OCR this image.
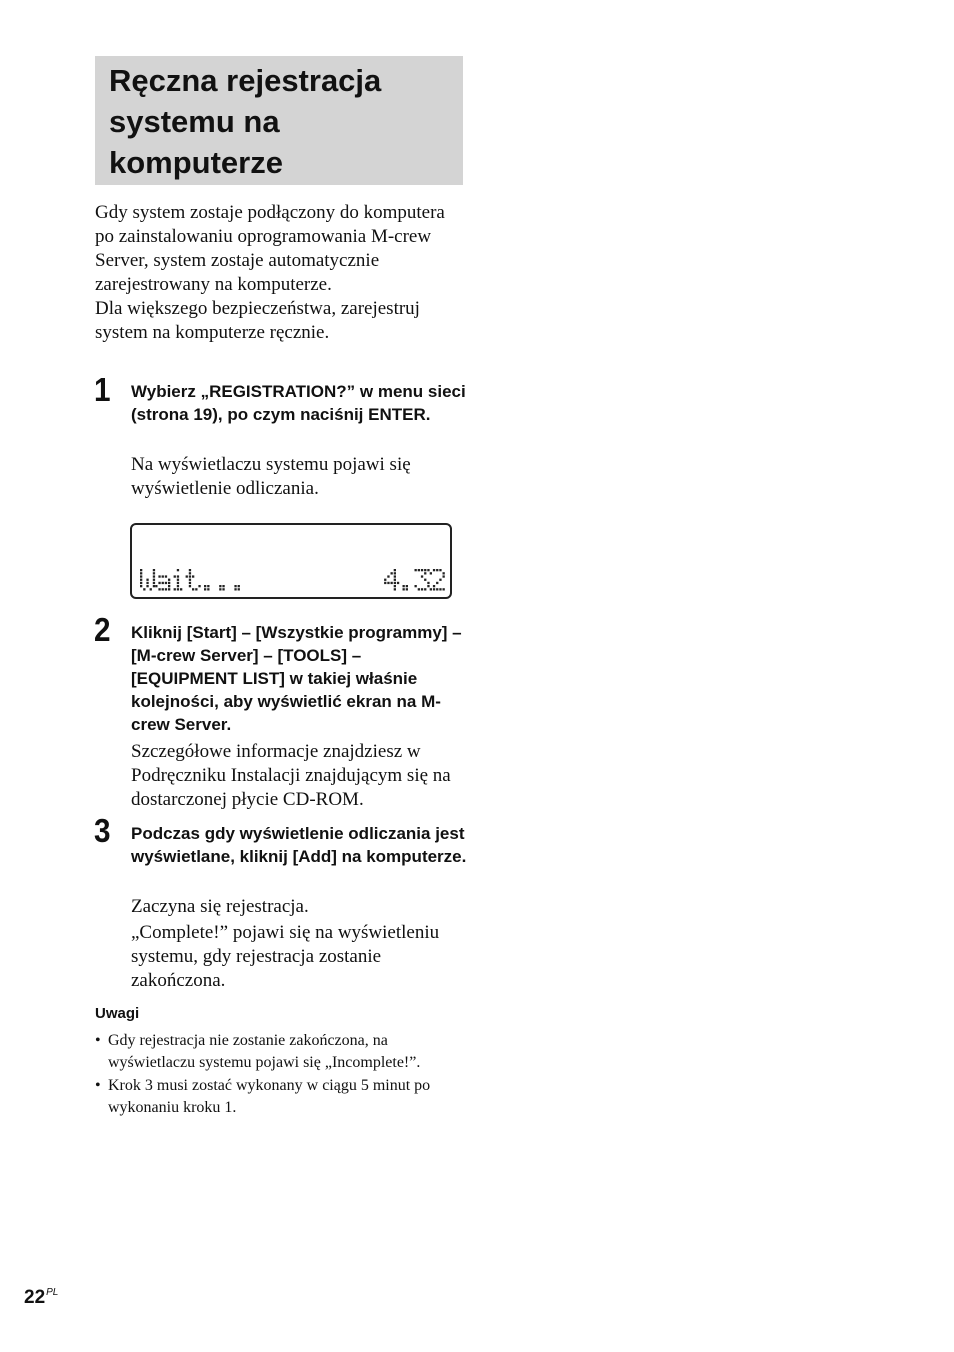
Ręczna rejestracja systemu na komputerze

Gdy system zostaje podłączony do komputera po zainstalowaniu oprogramowania M-crew Server, system zostaje automatycznie zarejestrowany na komputerze.

Dla większego bezpieczeństwa, zarejestruj system na komputerze ręcznie.

1 Wybierz „REGISTRATION?” w menu sieci (strona 19), po czym naciśnij ENTER.

Na wyświetlaczu systemu pojawi się wyświetlenie odliczania.

2 Kliknij [Start] – [Wszystkie programmy] – [M-crew Server] – [TOOLS] – [EQUIPMENT LIST] w takiej właśnie kolejności, aby wyświetlić ekran na M-crew Server.

Szczegółowe informacje znajdziesz w Podręczniku Instalacji znajdującym się na dostarczonej płycie CD-ROM.

3 Podczas gdy wyświetlenie odliczania jest wyświetlane, kliknij [Add] na komputerze.

Zaczyna się rejestracja.

„Complete!” pojawi się na wyświetleniu systemu, gdy rejestracja zostanie zakończona.

Uwagi
• Gdy rejestracja nie zostanie zakończona, na wyświetlaczu systemu pojawi się „Incomplete!”.
• Krok 3 musi zostać wykonany w ciągu 5 minut po wykonaniu kroku 1.
$22^{PL}$
